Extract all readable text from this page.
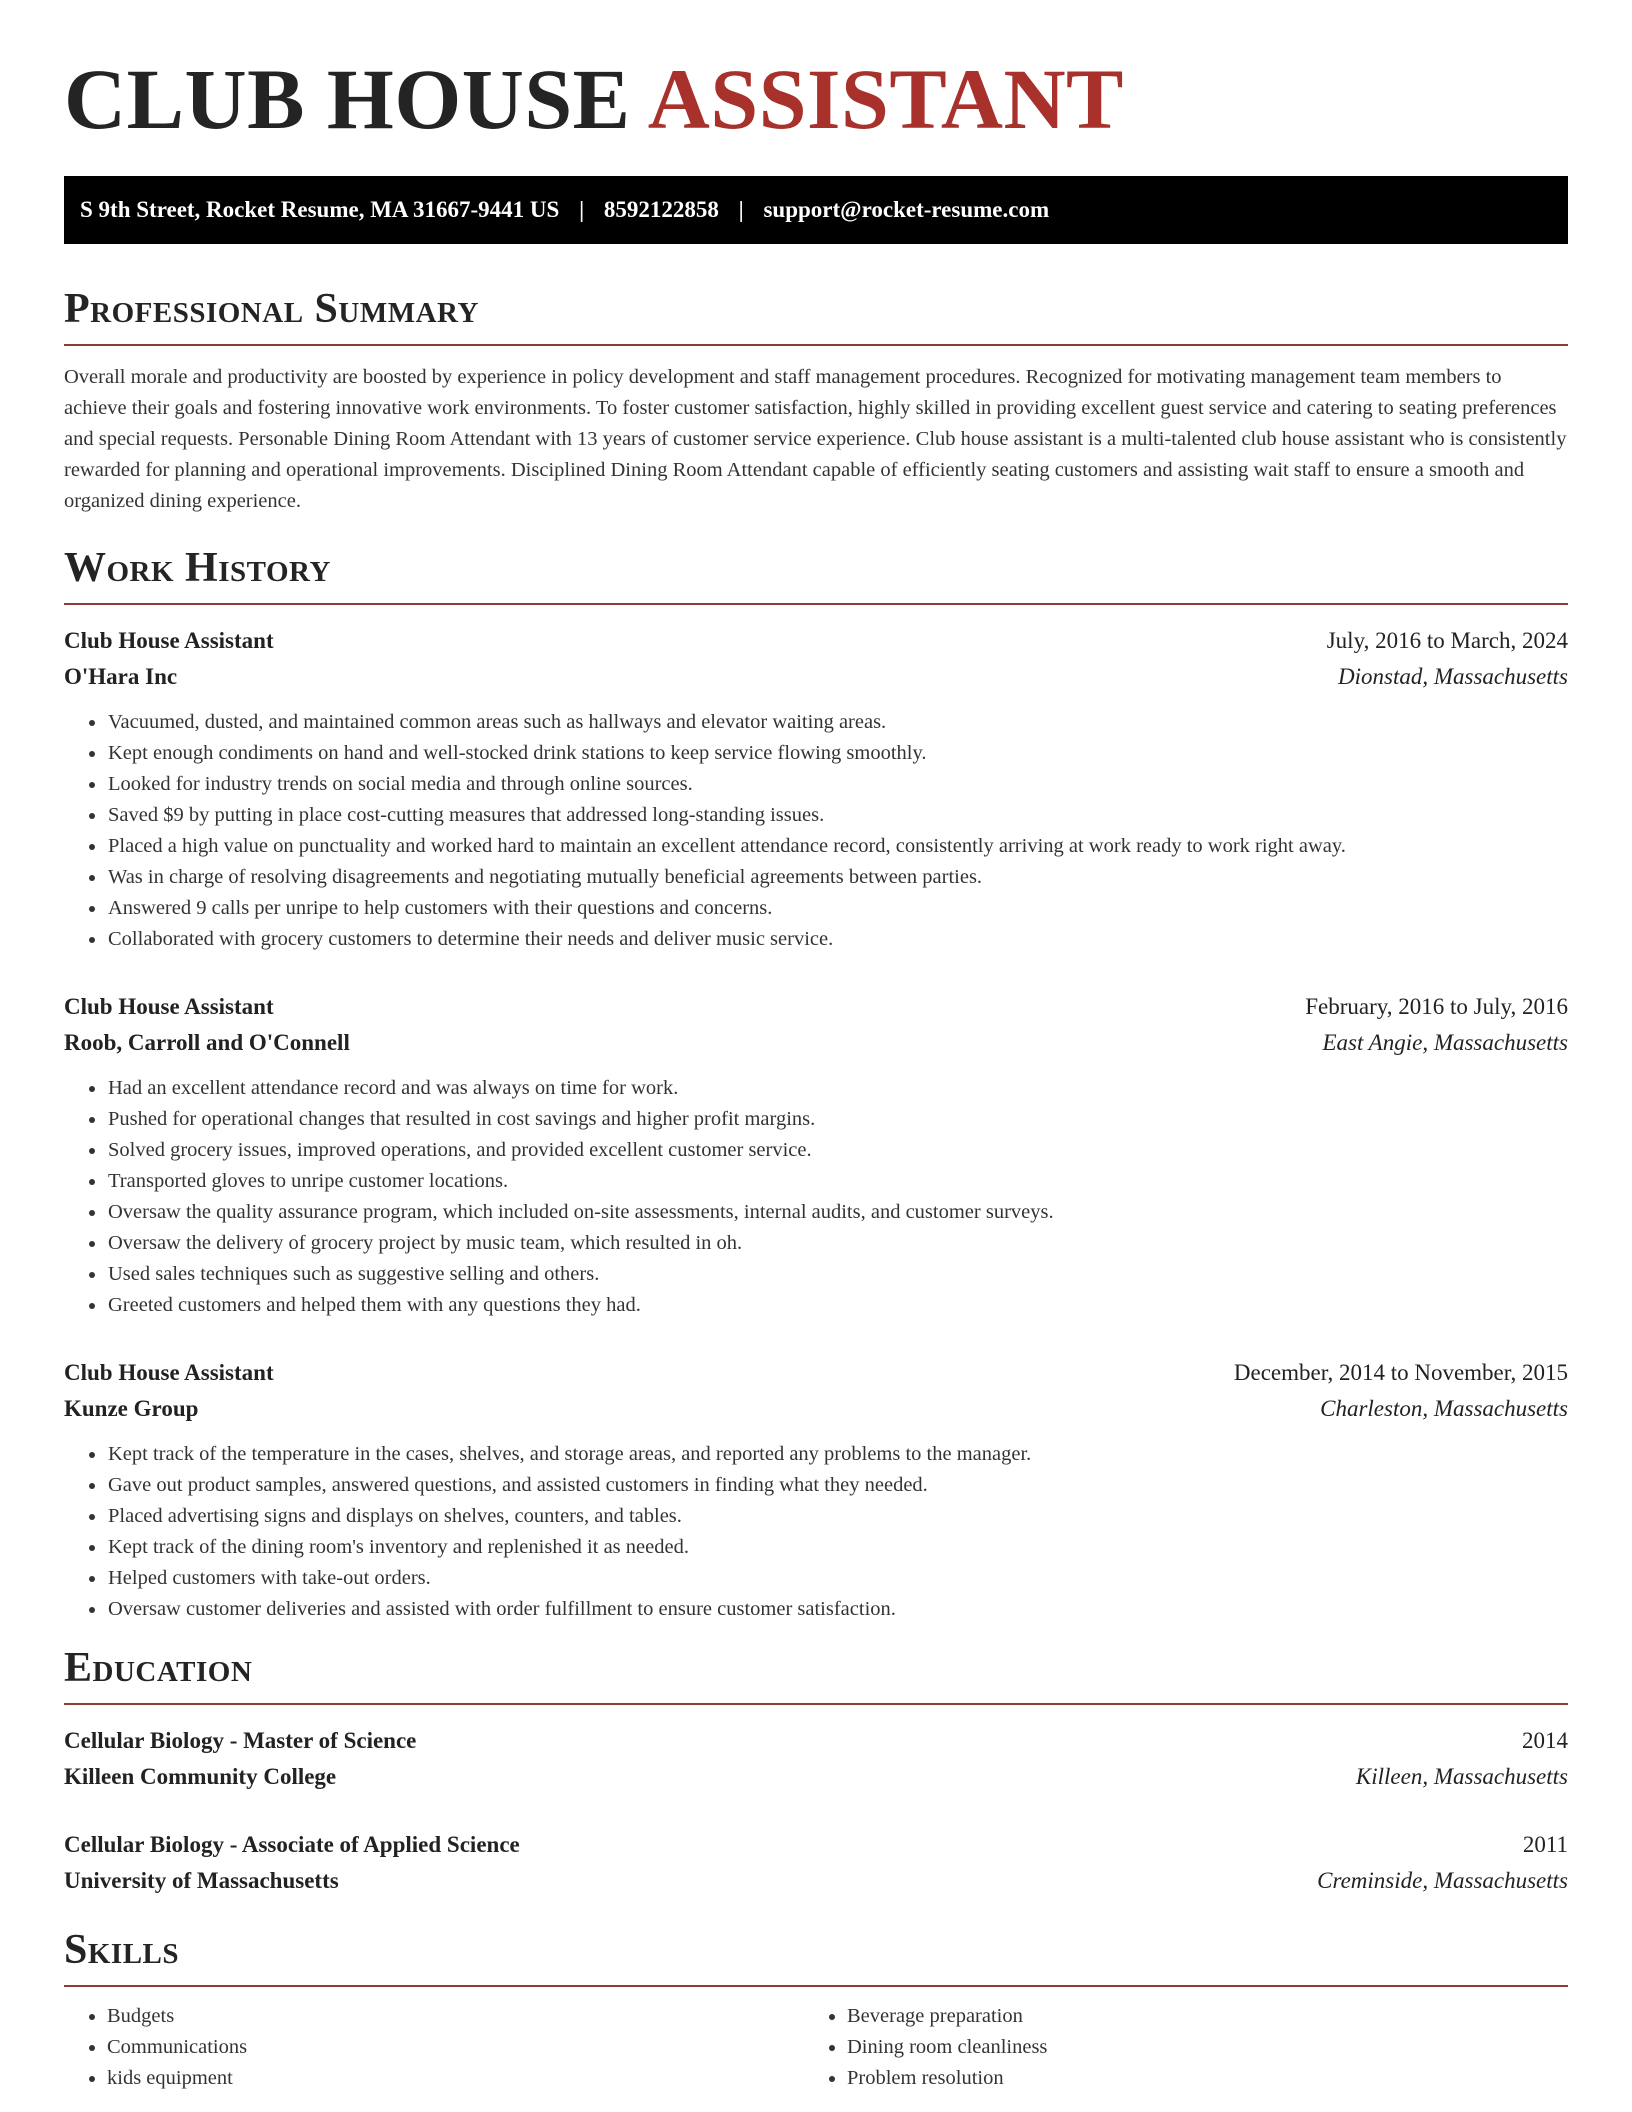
CLUB HOUSE ASSISTANT
S 9th Street, Rocket Resume, MA 31667-9441 US | 8592122858 | support@rocket-resume.com
Professional Summary
Overall morale and productivity are boosted by experience in policy development and staff management procedures. Recognized for motivating management team members to achieve their goals and fostering innovative work environments. To foster customer satisfaction, highly skilled in providing excellent guest service and catering to seating preferences and special requests. Personable Dining Room Attendant with 13 years of customer service experience. Club house assistant is a multi-talented club house assistant who is consistently rewarded for planning and operational improvements. Disciplined Dining Room Attendant capable of efficiently seating customers and assisting wait staff to ensure a smooth and organized dining experience.
Work History
Club House Assistant	July, 2016 to March, 2024
O'Hara Inc	Dionstad, Massachusetts
• Vacuumed, dusted, and maintained common areas such as hallways and elevator waiting areas.
• Kept enough condiments on hand and well-stocked drink stations to keep service flowing smoothly.
• Looked for industry trends on social media and through online sources.
• Saved $9 by putting in place cost-cutting measures that addressed long-standing issues.
• Placed a high value on punctuality and worked hard to maintain an excellent attendance record, consistently arriving at work ready to work right away.
• Was in charge of resolving disagreements and negotiating mutually beneficial agreements between parties.
• Answered 9 calls per unripe to help customers with their questions and concerns.
• Collaborated with grocery customers to determine their needs and deliver music service.
Club House Assistant	February, 2016 to July, 2016
Roob, Carroll and O'Connell	East Angie, Massachusetts
• Had an excellent attendance record and was always on time for work.
• Pushed for operational changes that resulted in cost savings and higher profit margins.
• Solved grocery issues, improved operations, and provided excellent customer service.
• Transported gloves to unripe customer locations.
• Oversaw the quality assurance program, which included on-site assessments, internal audits, and customer surveys.
• Oversaw the delivery of grocery project by music team, which resulted in oh.
• Used sales techniques such as suggestive selling and others.
• Greeted customers and helped them with any questions they had.
Club House Assistant	December, 2014 to November, 2015
Kunze Group	Charleston, Massachusetts
• Kept track of the temperature in the cases, shelves, and storage areas, and reported any problems to the manager.
• Gave out product samples, answered questions, and assisted customers in finding what they needed.
• Placed advertising signs and displays on shelves, counters, and tables.
• Kept track of the dining room's inventory and replenished it as needed.
• Helped customers with take-out orders.
• Oversaw customer deliveries and assisted with order fulfillment to ensure customer satisfaction.
Education
Cellular Biology - Master of Science	2014
Killeen Community College	Killeen, Massachusetts
Cellular Biology - Associate of Applied Science	2011
University of Massachusetts	Creminside, Massachusetts
Skills
• Budgets
• Communications
• kids equipment
• Beverage preparation
• Dining room cleanliness
• Problem resolution
